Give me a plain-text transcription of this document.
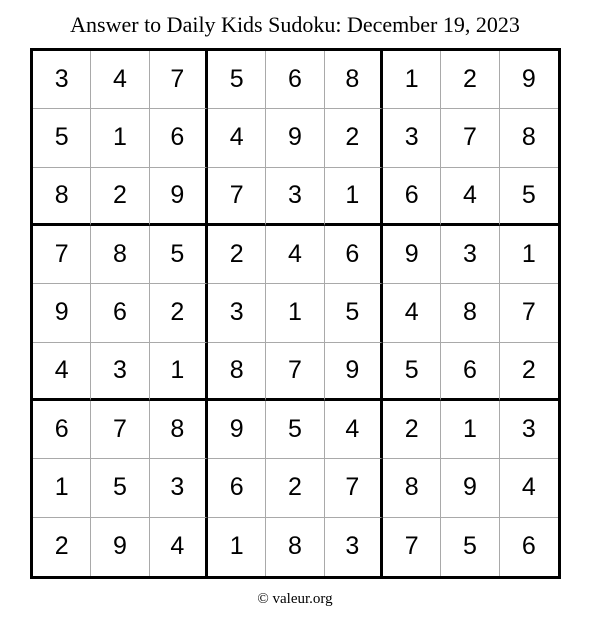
Answer to Daily Kids Sudoku: December 19, 2023
3	4	7	5	6	8	1	2	9
5	1	6	4	9	2	3	7	8
8	2	9	7	3	1	6	4	5
7	8	5	2	4	6	9	3	1
9	6	2	3	1	5	4	8	7
4	3	1	8	7	9	5	6	2
6	7	8	9	5	4	2	1	3
1	5	3	6	2	7	8	9	4
2	9	4	1	8	3	7	5	6
© valeur.org
